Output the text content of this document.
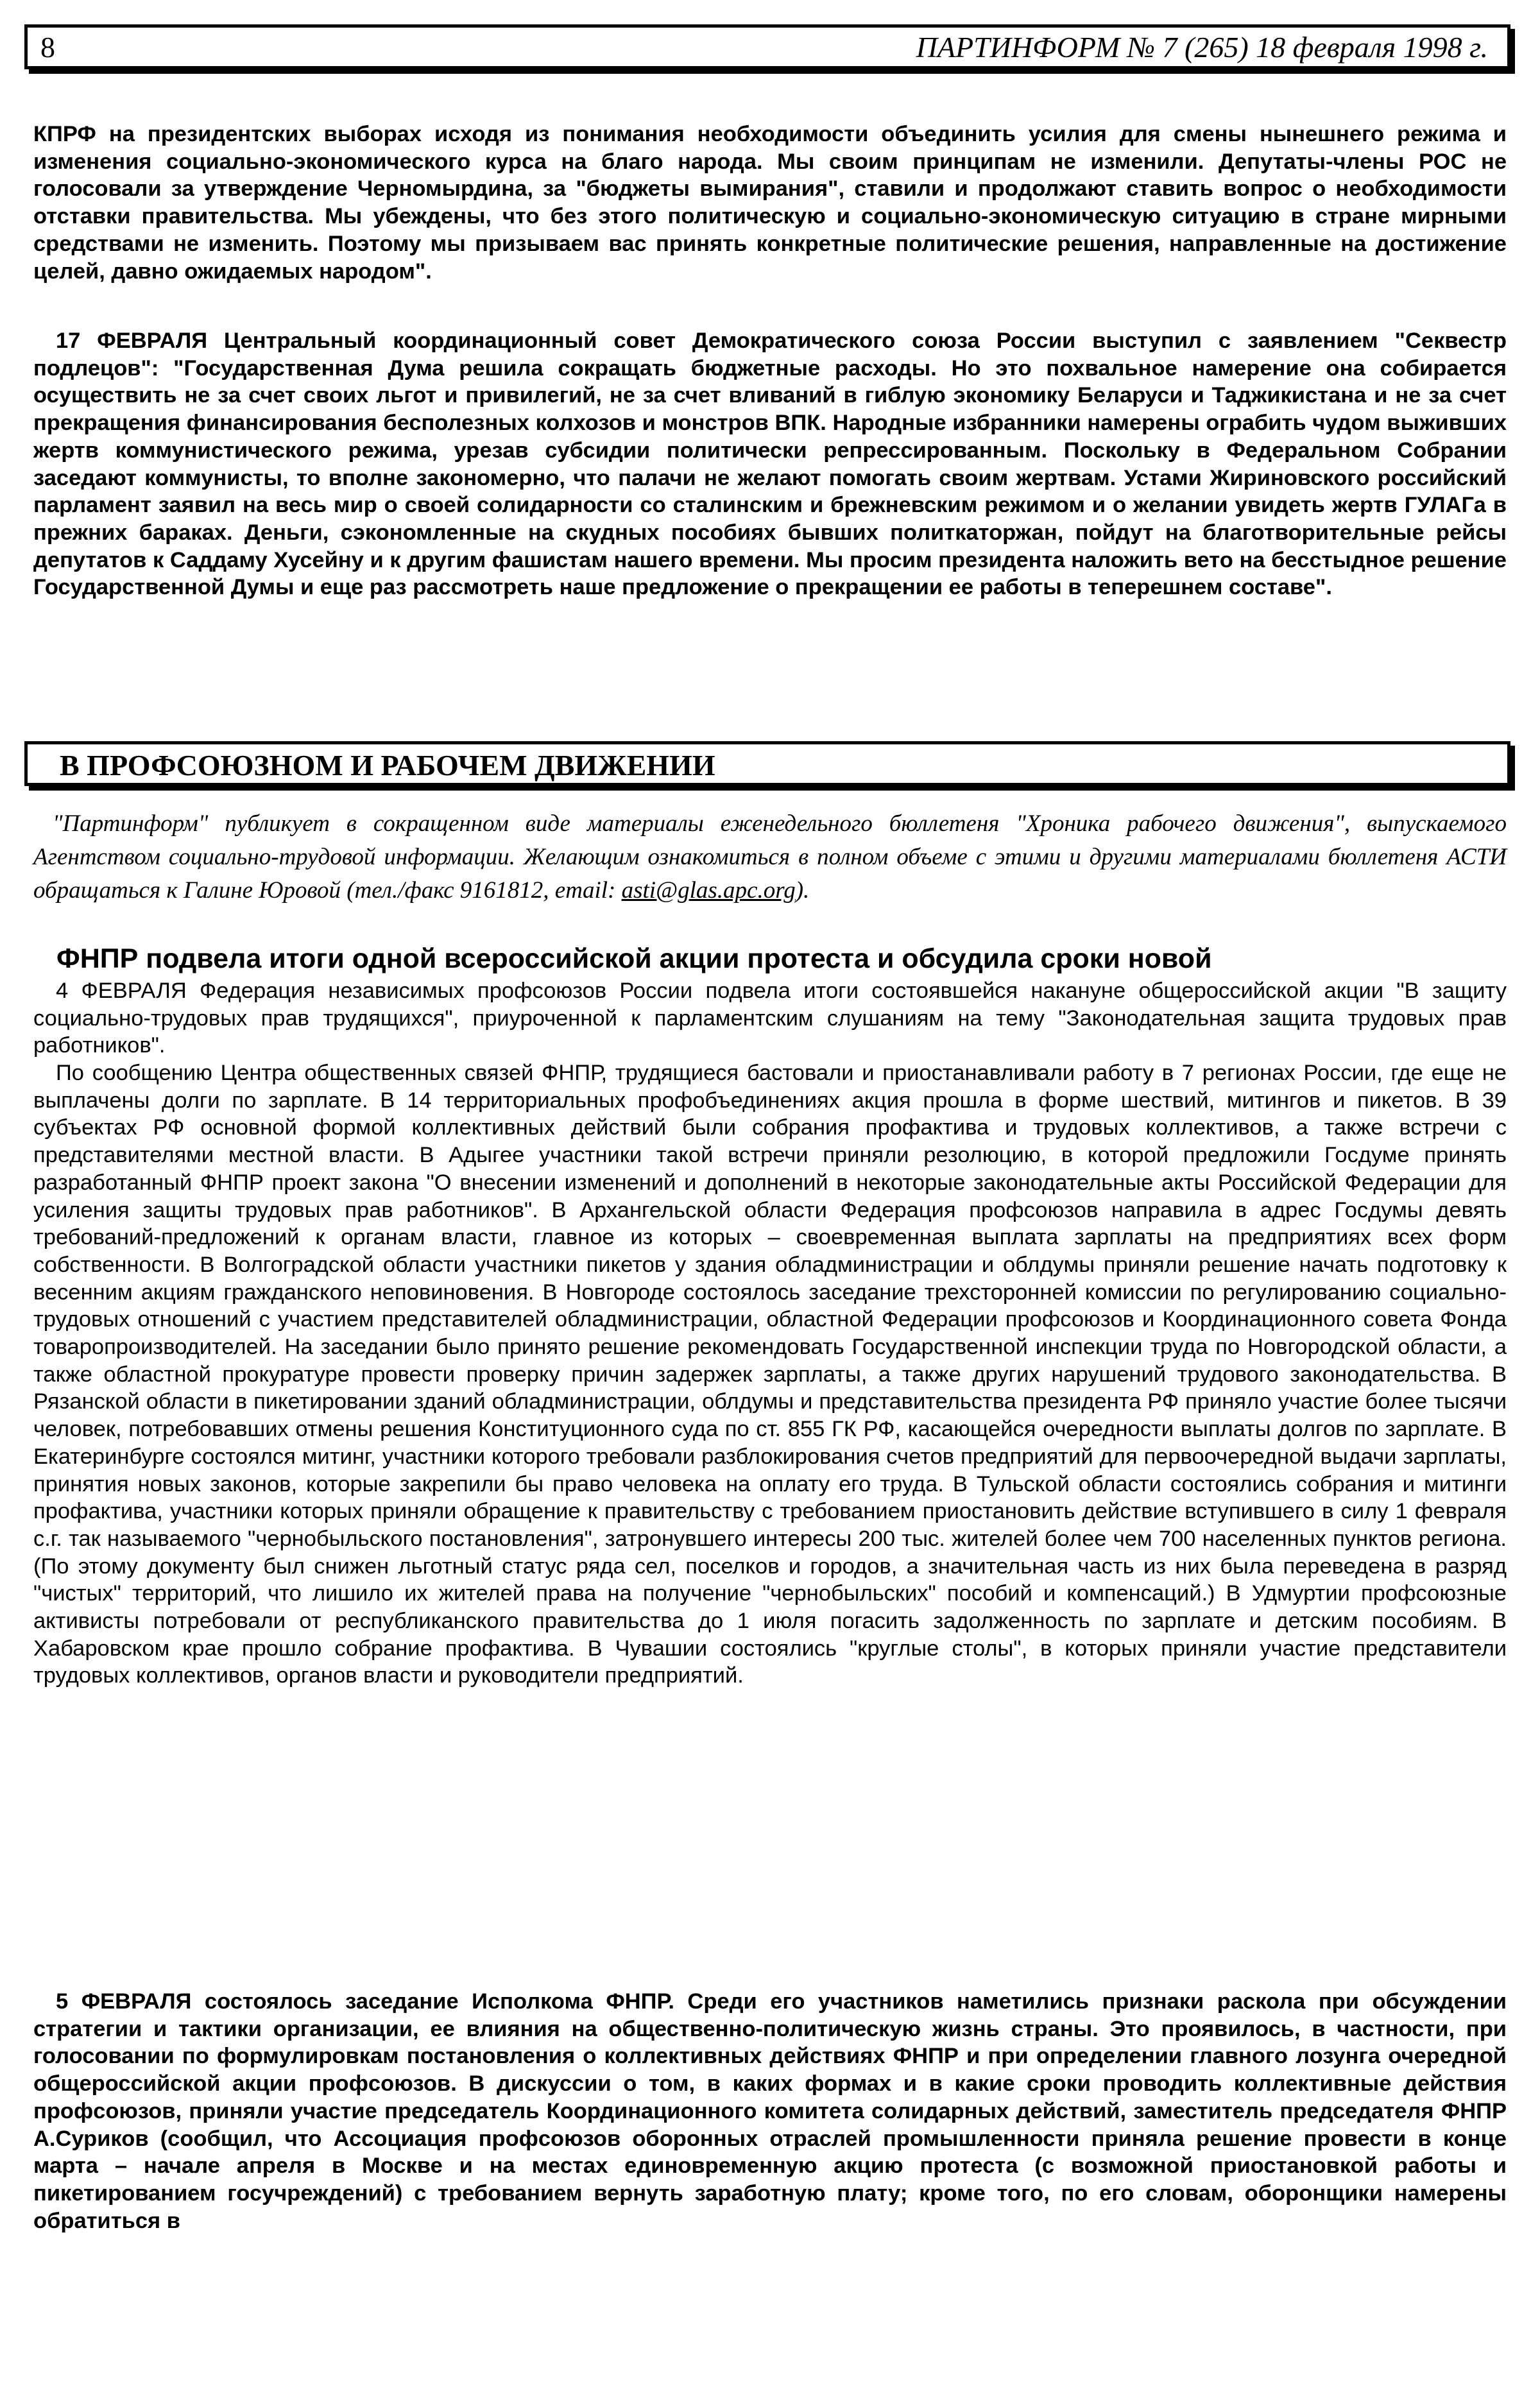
8	ПАРТИНФОРМ № 7 (265) 18 февраля 1998 г.

КПРФ на президентских выборах исходя из понимания необходимости объединить усилия для смены нынешнего режима и изменения социально-экономического курса на благо народа. Мы своим принципам не изменили. Депутаты-члены РОС не голосовали за утверждение Черномырдина, за "бюджеты вымирания", ставили и продолжают ставить вопрос о необходимости отставки правительства. Мы убеждены, что без этого политическую и социально-экономическую ситуацию в стране мирными средствами не изменить. Поэтому мы призываем вас принять конкретные политические решения, направленные на достижение целей, давно ожидаемых народом".

17 ФЕВРАЛЯ Центральный координационный совет Демократического союза России выступил с заявлением "Секвестр подлецов": "Государственная Дума решила сокращать бюджетные расходы. Но это похвальное намерение она собирается осуществить не за счет своих льгот и привилегий, не за счет вливаний в гиблую экономику Беларуси и Таджикистана и не за счет прекращения финансирования бесполезных колхозов и монстров ВПК. Народные избранники намерены ограбить чудом выживших жертв коммунистического режима, урезав субсидии политически репрессированным. Поскольку в Федеральном Собрании заседают коммунисты, то вполне закономерно, что палачи не желают помогать своим жертвам. Устами Жириновского российский парламент заявил на весь мир о своей солидарности со сталинским и брежневским режимом и о желании увидеть жертв ГУЛАГа в прежних бараках. Деньги, сэкономленные на скудных пособиях бывших политкаторжан, пойдут на благотворительные рейсы депутатов к Саддаму Хусейну и к другим фашистам нашего времени. Мы просим президента наложить вето на бесстыдное решение Государственной Думы и еще раз рассмотреть наше предложение о прекращении ее работы в теперешнем составе".

В ПРОФСОЮЗНОМ И РАБОЧЕМ ДВИЖЕНИИ

"Партинформ" публикует в сокращенном виде материалы еженедельного бюллетеня "Хроника рабочего движения", выпускаемого Агентством социально-трудовой информации. Желающим ознакомиться в полном объеме с этими и другими материалами бюллетеня АСТИ обращаться к Галине Юровой (тел./факс 9161812, email: asti@glas.apc.org).

ФНПР подвела итоги одной всероссийской акции протеста и обсудила сроки новой

4 ФЕВРАЛЯ Федерация независимых профсоюзов России подвела итоги состоявшейся накануне общероссийской акции "В защиту социально-трудовых прав трудящихся", приуроченной к парламентским слушаниям на тему "Законодательная защита трудовых прав работников".

По сообщению Центра общественных связей ФНПР, трудящиеся бастовали и приостанавливали работу в 7 регионах России, где еще не выплачены долги по зарплате. В 14 территориальных профобъединениях акция прошла в форме шествий, митингов и пикетов. В 39 субъектах РФ основной формой коллективных действий были собрания профактива и трудовых коллективов, а также встречи с представителями местной власти. В Адыгее участники такой встречи приняли резолюцию, в которой предложили Госдуме принять разработанный ФНПР проект закона "О внесении изменений и дополнений в некоторые законодательные акты Российской Федерации для усиления защиты трудовых прав работников". В Архангельской области Федерация профсоюзов направила в адрес Госдумы девять требований-предложений к органам власти, главное из которых – своевременная выплата зарплаты на предприятиях всех форм собственности. В Волгоградской области участники пикетов у здания обладминистрации и облдумы приняли решение начать подготовку к весенним акциям гражданского неповиновения. В Новгороде состоялось заседание трехсторонней комиссии по регулированию социально-трудовых отношений с участием представителей обладминистрации, областной Федерации профсоюзов и Координационного совета Фонда товаропроизводителей. На заседании было принято решение рекомендовать Государственной инспекции труда по Новгородской области, а также областной прокуратуре провести проверку причин задержек зарплаты, а также других нарушений трудового законодательства. В Рязанской области в пикетировании зданий обладминистрации, облдумы и представительства президента РФ приняло участие более тысячи человек, потребовавших отмены решения Конституционного суда по ст. 855 ГК РФ, касающейся очередности выплаты долгов по зарплате. В Екатеринбурге состоялся митинг, участники которого требовали разблокирования счетов предприятий для первоочередной выдачи зарплаты, принятия новых законов, которые закрепили бы право человека на оплату его труда. В Тульской области состоялись собрания и митинги профактива, участники которых приняли обращение к правительству с требованием приостановить действие вступившего в силу 1 февраля с.г. так называемого "чернобыльского постановления", затронувшего интересы 200 тыс. жителей более чем 700 населенных пунктов региона. (По этому документу был снижен льготный статус ряда сел, поселков и городов, а значительная часть из них была переведена в разряд "чистых" территорий, что лишило их жителей права на получение "чернобыльских" пособий и компенсаций.) В Удмуртии профсоюзные активисты потребовали от республиканского правительства до 1 июля погасить задолженность по зарплате и детским пособиям. В Хабаровском крае прошло собрание профактива. В Чувашии состоялись "круглые столы", в которых приняли участие представители трудовых коллективов, органов власти и руководители предприятий.

5 ФЕВРАЛЯ состоялось заседание Исполкома ФНПР. Среди его участников наметились признаки раскола при обсуждении стратегии и тактики организации, ее влияния на общественно-политическую жизнь страны. Это проявилось, в частности, при голосовании по формулировкам постановления о коллективных действиях ФНПР и при определении главного лозунга очередной общероссийской акции профсоюзов. В дискуссии о том, в каких формах и в какие сроки проводить коллективные действия профсоюзов, приняли участие председатель Координационного комитета солидарных действий, заместитель председателя ФНПР А.Суриков (сообщил, что Ассоциация профсоюзов оборонных отраслей промышленности приняла решение провести в конце марта – начале апреля в Москве и на местах единовременную акцию протеста (с возможной приостановкой работы и пикетированием госучреждений) с требованием вернуть заработную плату; кроме того, по его словам, оборонщики намерены обратиться в
